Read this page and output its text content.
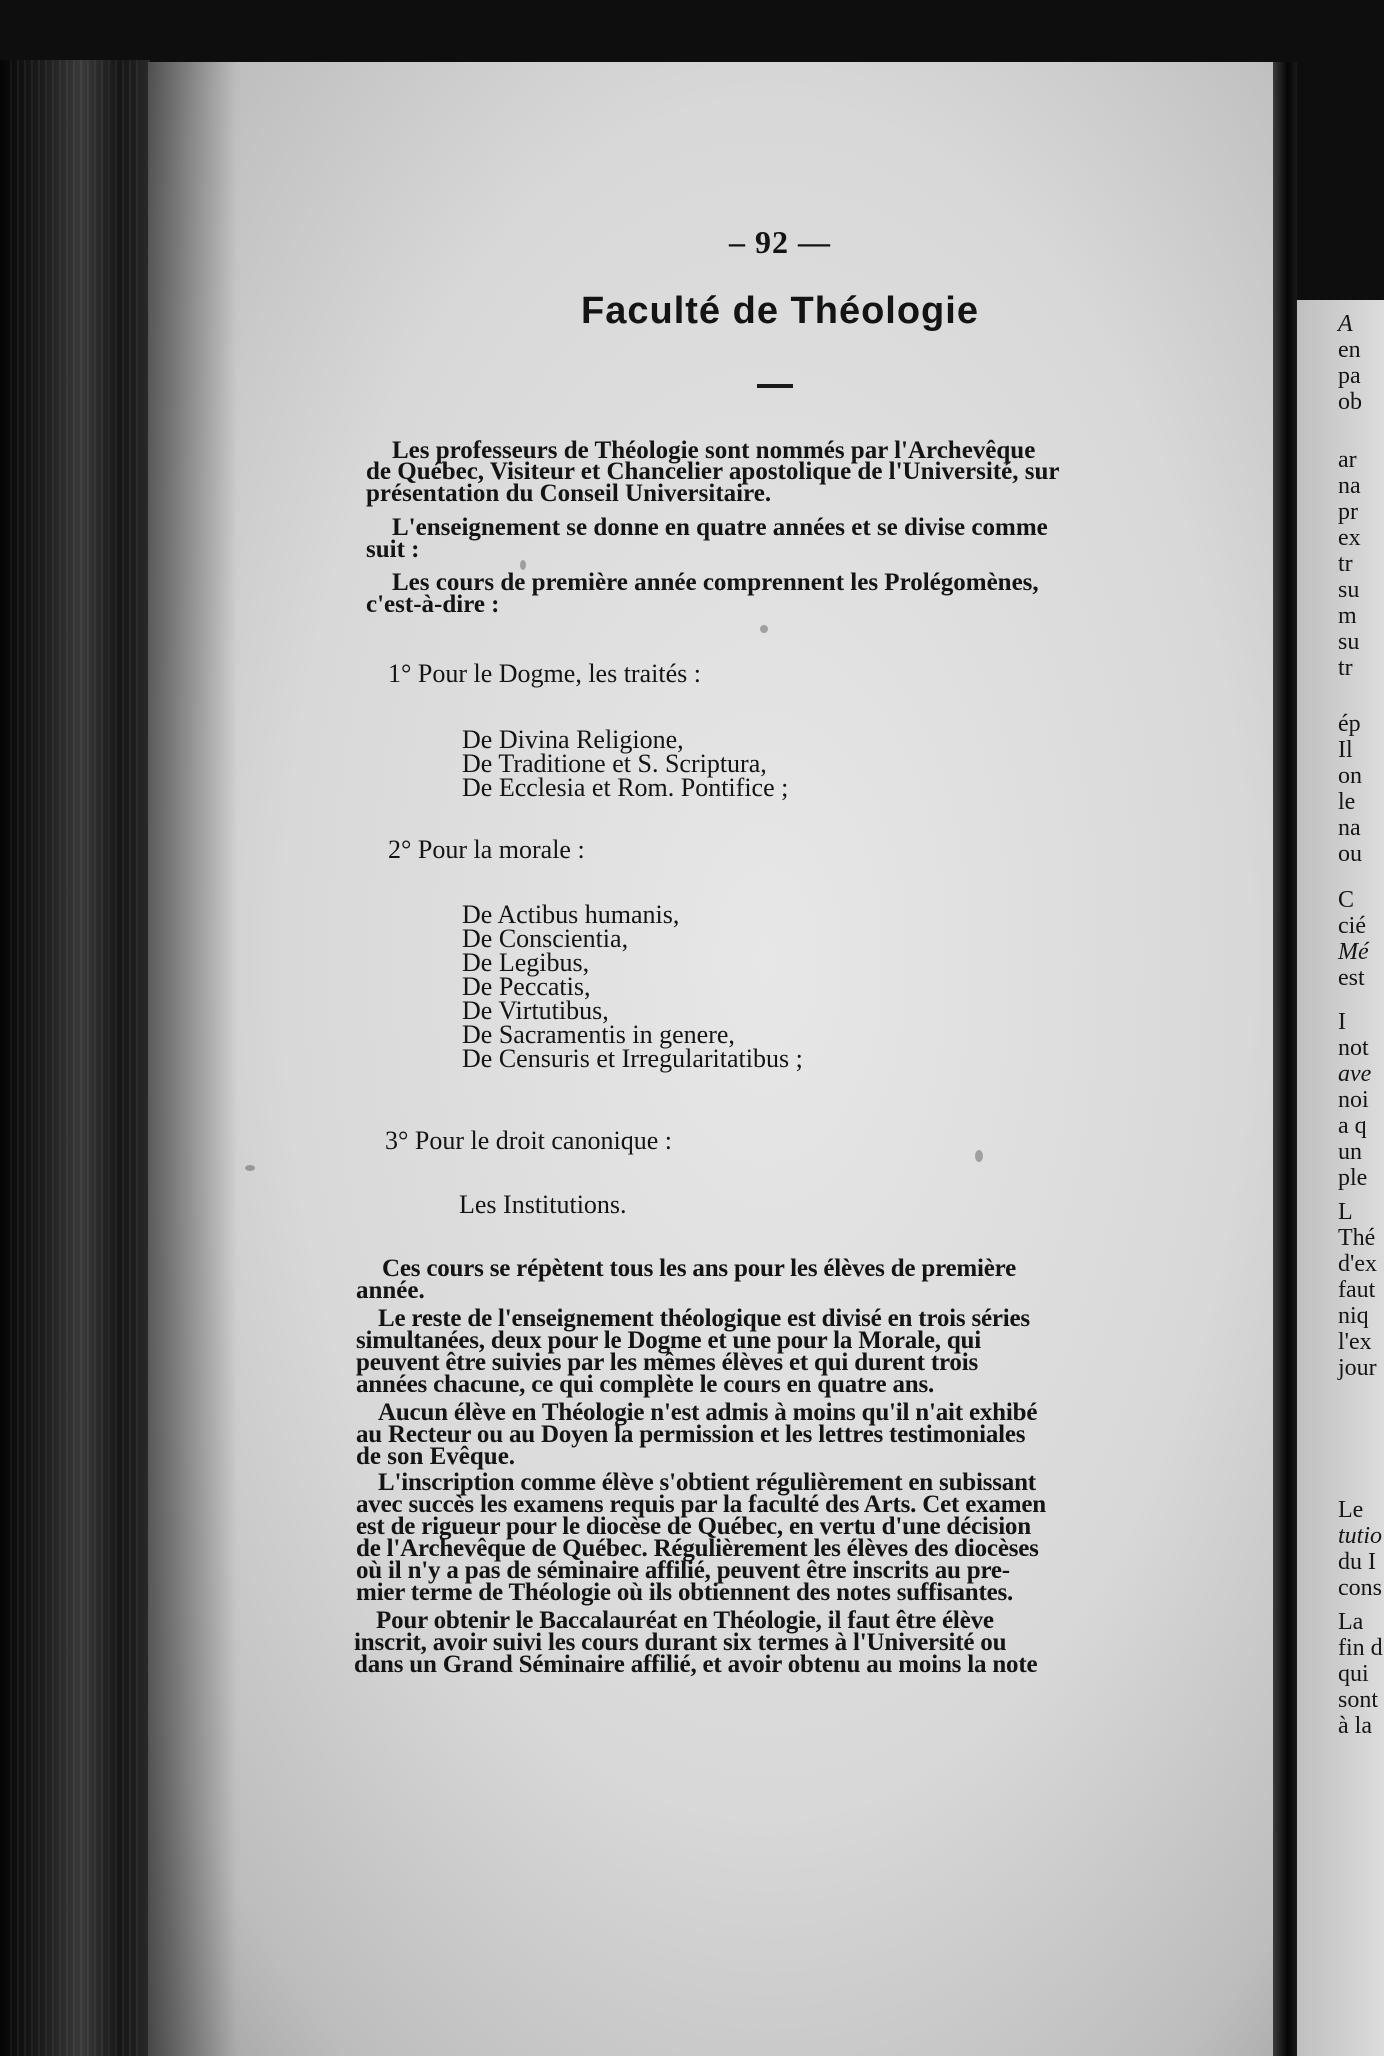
– 92 —
Faculté de Théologie

Les professeurs de Théologie sont nommés par l'Archevêque

de Québec, Visiteur et Chancelier apostolique de l'Université, sur

présentation du Conseil Universitaire.

L'enseignement se donne en quatre années et se divise comme

suit :

Les cours de première année comprennent les Prolégomènes,

c'est-à-dire :

1° Pour le Dogme, les traités :

De Divina Religione,

De Traditione et S. Scriptura,

De Ecclesia et Rom. Pontifice ;

2° Pour la morale :

De Actibus humanis,

De Conscientia,

De Legibus,

De Peccatis,

De Virtutibus,

De Sacramentis in genere,

De Censuris et Irregularitatibus ;

3° Pour le droit canonique :

Les Institutions.

Ces cours se répètent tous les ans pour les élèves de première

année.

Le reste de l'enseignement théologique est divisé en trois séries

simultanées, deux pour le Dogme et une pour la Morale, qui

peuvent être suivies par les mêmes élèves et qui durent trois

années chacune, ce qui complète le cours en quatre ans.

Aucun élève en Théologie n'est admis à moins qu'il n'ait exhibé

au Recteur ou au Doyen la permission et les lettres testimoniales

de son Evêque.

L'inscription comme élève s'obtient régulièrement en subissant

avec succès les examens requis par la faculté des Arts. Cet examen

est de rigueur pour le diocèse de Québec, en vertu d'une décision

de l'Archevêque de Québec. Régulièrement les élèves des diocèses

où il n'y a pas de séminaire affilié, peuvent être inscrits au pre-

mier terme de Théologie où ils obtiennent des notes suffisantes.

Pour obtenir le Baccalauréat en Théologie, il faut être élève

inscrit, avoir suivi les cours durant six termes à l'Université ou

dans un Grand Séminaire affilié, et avoir obtenu au moins la note

A

en

pa

ob

ar

na

pr

ex

tr

su

m

su

tr

ép

Il

on

le

na

ou

C

cié

Mé

est

I

not

ave

noi

a q

un

ple

L

Thé

d'ex

faut

niq

l'ex

jour

Le

tutio

du I

cons

La

fin d

qui

sont

à la
